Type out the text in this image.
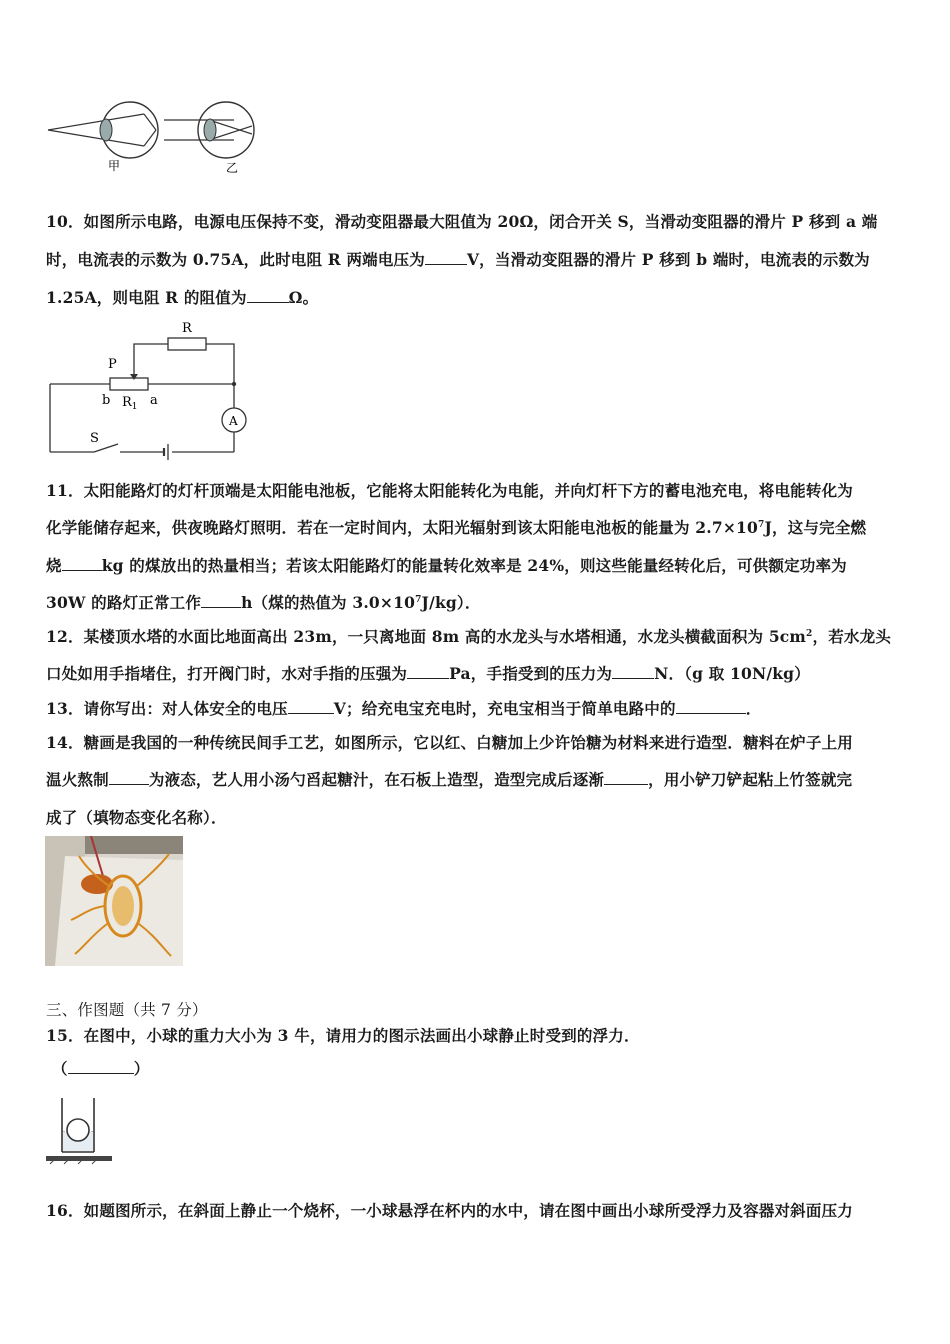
甲	乙
10．如图所示电路，电源电压保持不变，滑动变阻器最大阻值为 20Ω，闭合开关 S，当滑动变阻器的滑片 P 移到 a 端
时，电流表的示数为 0.75A，此时电阻 R 两端电压为	V，当滑动变阻器的滑片 P 移到 b 端时，电流表的示数为
1.25A，则电阻 R 的阻值为	Ω。
R
P
b $R_1$ a
A
S
11．太阳能路灯的灯杆顶端是太阳能电池板，它能将太阳能转化为电能，并向灯杆下方的蓄电池充电，将电能转化为
化学能储存起来，供夜晚路灯照明．若在一定时间内，太阳光辐射到该太阳能电池板的能量为 $2.7\times 10^7J$，这与完全燃
烧	kg 的煤放出的热量相当；若该太阳能路灯的能量转化效率是 24%，则这些能量经转化后，可供额定功率为
30W 的路灯正常工作	h（煤的热值为 $3.0\times 10^7J/kg$）．
12．某楼顶水塔的水面比地面高出 23m，一只离地面 8m 高的水龙头与水塔相通，水龙头横截面积为 $5cm^2$，若水龙头
口处如用手指堵住，打开阀门时，水对手指的压强为	Pa，手指受到的压力为	N．（g 取 10N/kg）
13．请你写出：对人体安全的电压	V；给充电宝充电时，充电宝相当于简单电路中的	．
14．糖画是我国的一种传统民间手工艺，如图所示，它以红、白糖加上少许饴糖为材料来进行造型．糖料在炉子上用
温火熬制	为液态，艺人用小汤勺舀起糖汁，在石板上造型，造型完成后逐渐	，用小铲刀铲起粘上竹签就完
成了（填物态变化名称）．
三、作图题（共 7 分）
15．在图中，小球的重力大小为 3 牛，请用力的图示法画出小球静止时受到的浮力．
（	）
16．如题图所示，在斜面上静止一个烧杯，一小球悬浮在杯内的水中，请在图中画出小球所受浮力及容器对斜面压力
